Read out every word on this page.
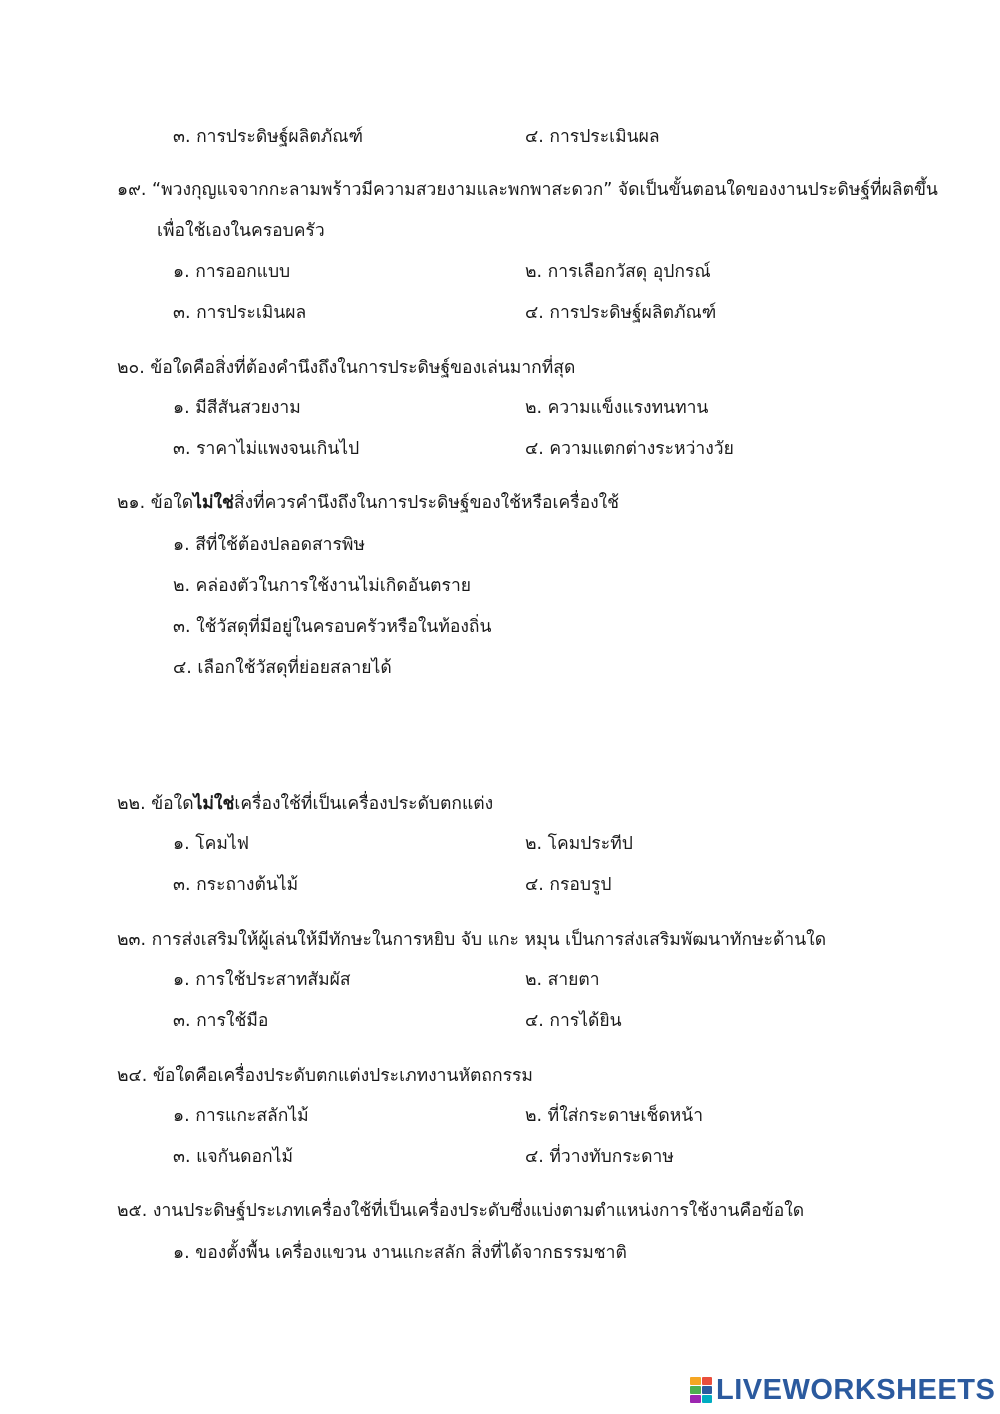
๓. การประดิษฐ์ผลิตภัณฑ์	๔. การประเมินผล
๑. การออกแบบ	๒. การเลือกวัสดุ อุปกรณ์
๓. การประเมินผล	๔. การประดิษฐ์ผลิตภัณฑ์
๑. มีสีสันสวยงาม	๒. ความแข็งแรงทนทาน
๓. ราคาไม่แพงจนเกินไป	๔. ความแตกต่างระหว่างวัย
๑. โคมไฟ	๒. โคมประทีป
๓. กระถางต้นไม้	๔. กรอบรูป
๑. การใช้ประสาทสัมผัส	๒. สายตา
๓. การใช้มือ	๔. การได้ยิน
๑. การแกะสลักไม้	๒. ที่ใส่กระดาษเช็ดหน้า
๓. แจกันดอกไม้	๔. ที่วางทับกระดาษ
๑๙. “พวงกุญแจจากกะลามพร้าวมีความสวยงามและพกพาสะดวก” จัดเป็นขั้นตอนใดของงานประดิษฐ์ที่ผลิตขึ้น
เพื่อใช้เองในครอบครัว
๒๐. ข้อใดคือสิ่งที่ต้องคำนึงถึงในการประดิษฐ์ของเล่นมากที่สุด
๒๑. ข้อใดไม่ใช่สิ่งที่ควรคำนึงถึงในการประดิษฐ์ของใช้หรือเครื่องใช้
๑. สีที่ใช้ต้องปลอดสารพิษ
๒. คล่องตัวในการใช้งานไม่เกิดอันตราย
๓. ใช้วัสดุที่มีอยู่ในครอบครัวหรือในท้องถิ่น
๔. เลือกใช้วัสดุที่ย่อยสลายได้
๒๒. ข้อใดไม่ใช่เครื่องใช้ที่เป็นเครื่องประดับตกแต่ง
๒๓. การส่งเสริมให้ผู้เล่นให้มีทักษะในการหยิบ จับ แกะ หมุน เป็นการส่งเสริมพัฒนาทักษะด้านใด
๒๔. ข้อใดคือเครื่องประดับตกแต่งประเภทงานหัตถกรรม
๒๕. งานประดิษฐ์ประเภทเครื่องใช้ที่เป็นเครื่องประดับซึ่งแบ่งตามตำแหน่งการใช้งานคือข้อใด
๑. ของตั้งพื้น เครื่องแขวน งานแกะสลัก สิ่งที่ได้จากธรรมชาติ
LIVEWORKSHEETS
